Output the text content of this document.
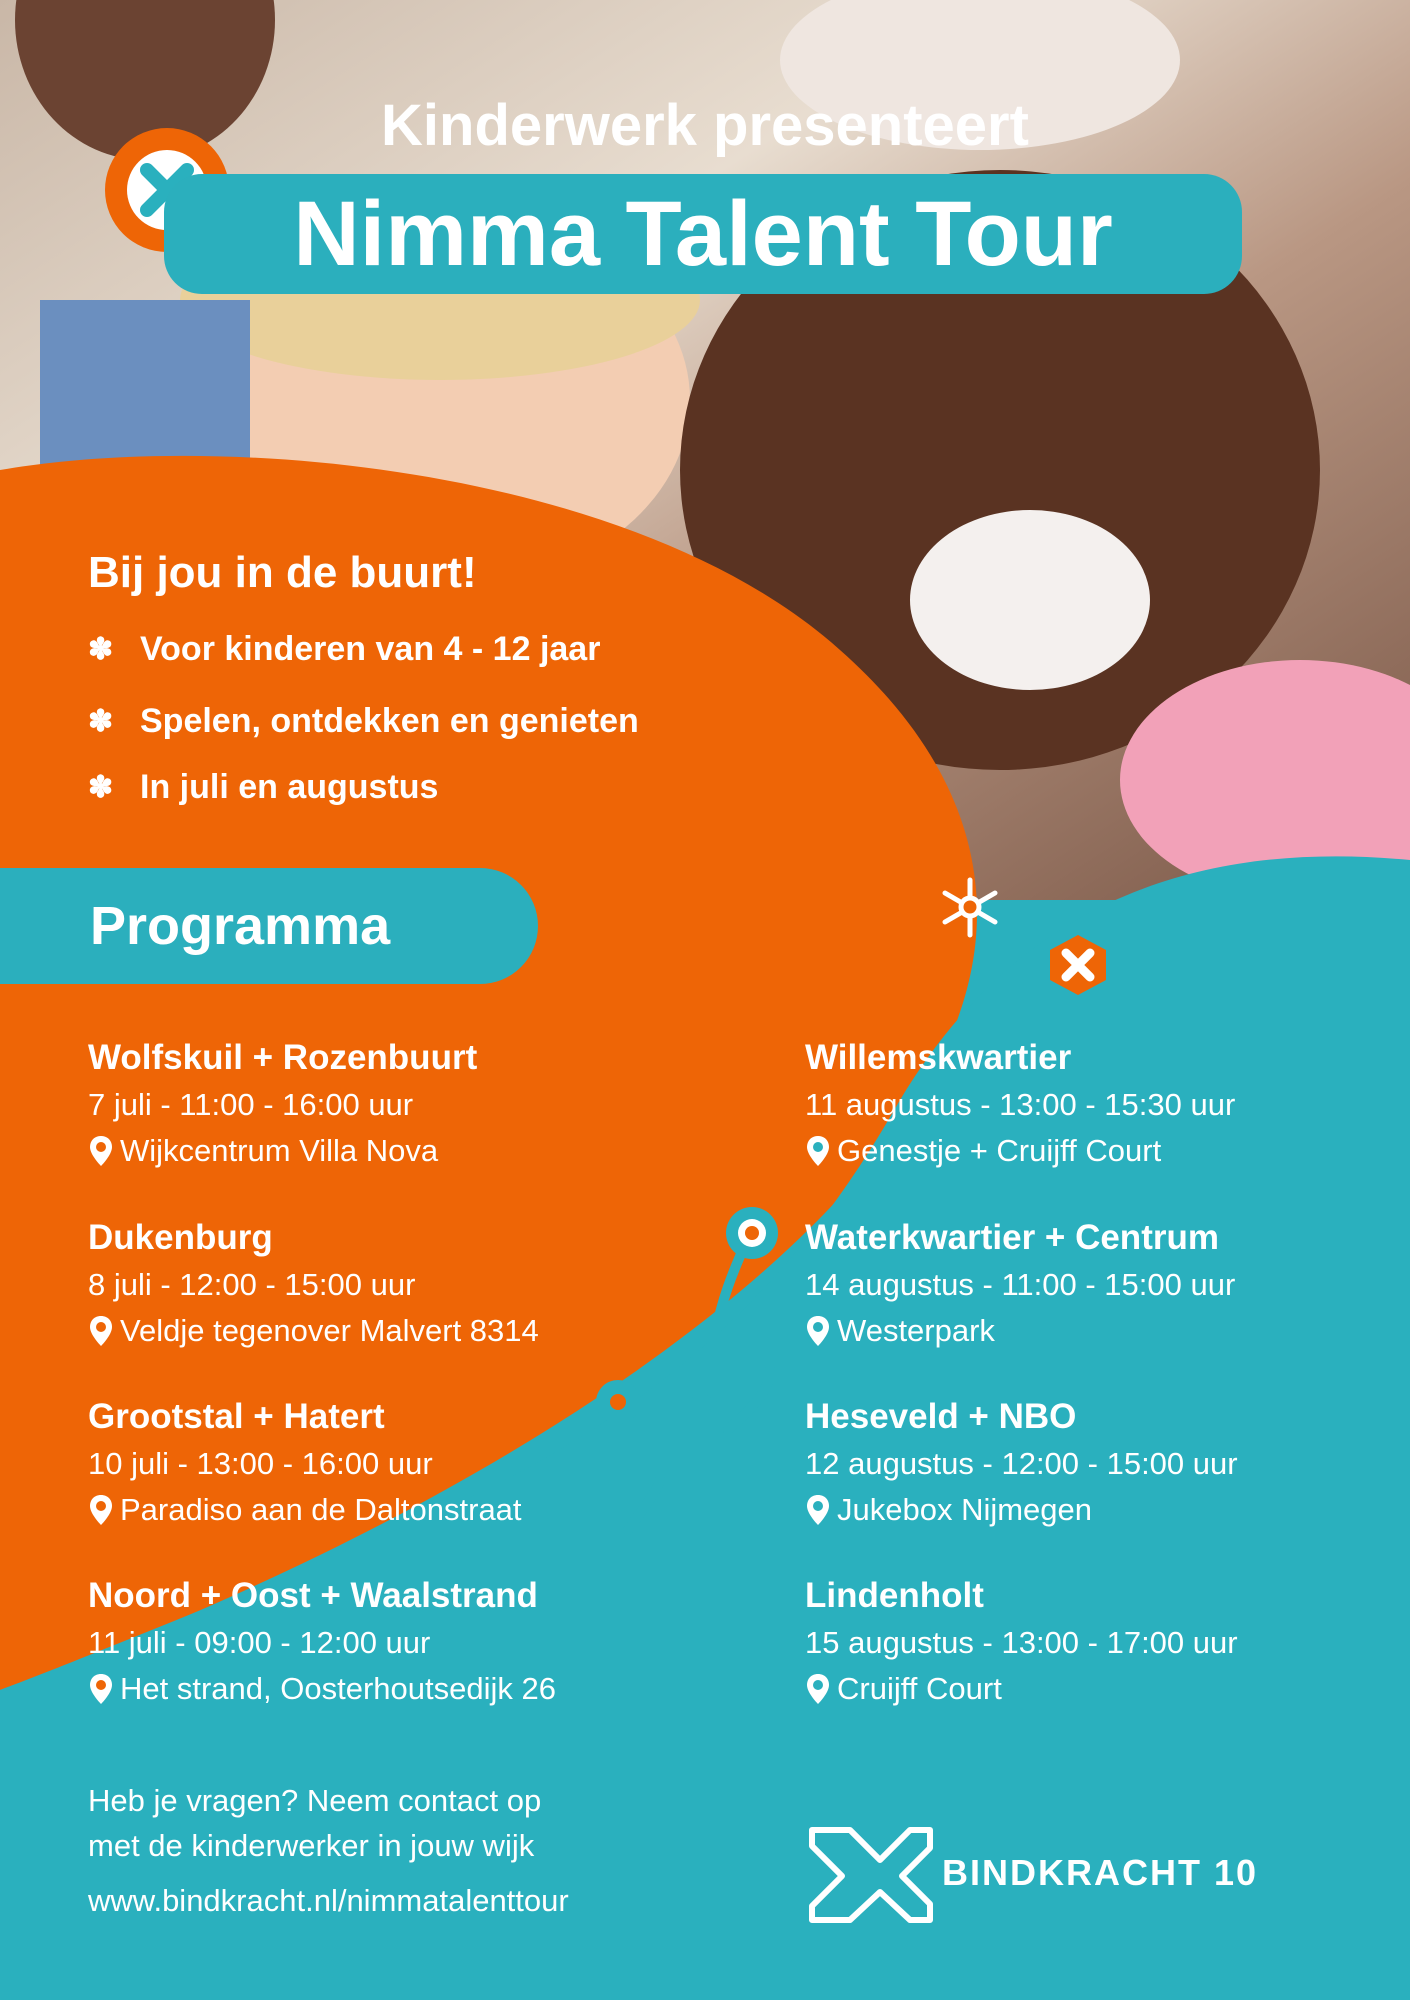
Kinderwerk presenteert
Nimma Talent Tour
Bij jou in de buurt!
✽ Voor kinderen van 4 - 12 jaar
✽ Spelen, ontdekken en genieten
✽ In juli en augustus
Programma
Wolfskuil + Rozenbuurt
7 juli - 11:00 - 16:00 uur
Wijkcentrum Villa Nova
Dukenburg
8 juli - 12:00 - 15:00 uur
Veldje tegenover Malvert 8314
Grootstal + Hatert
10 juli - 13:00 - 16:00 uur
Paradiso aan de Daltonstraat
Noord + Oost + Waalstrand
11 juli - 09:00 - 12:00 uur
Het strand, Oosterhoutsedijk 26
Willemskwartier
11 augustus - 13:00 - 15:30 uur
Genestje + Cruijff Court
Waterkwartier + Centrum
14 augustus - 11:00 - 15:00 uur
Westerpark
Heseveld + NBO
12 augustus - 12:00 - 15:00 uur
Jukebox Nijmegen
Lindenholt
15 augustus - 13:00 - 17:00 uur
Cruijff Court
Heb je vragen? Neem contact op
met de kinderwerker in jouw wijk
www.bindkracht.nl/nimmatalenttour
BINDKRACHT 10
